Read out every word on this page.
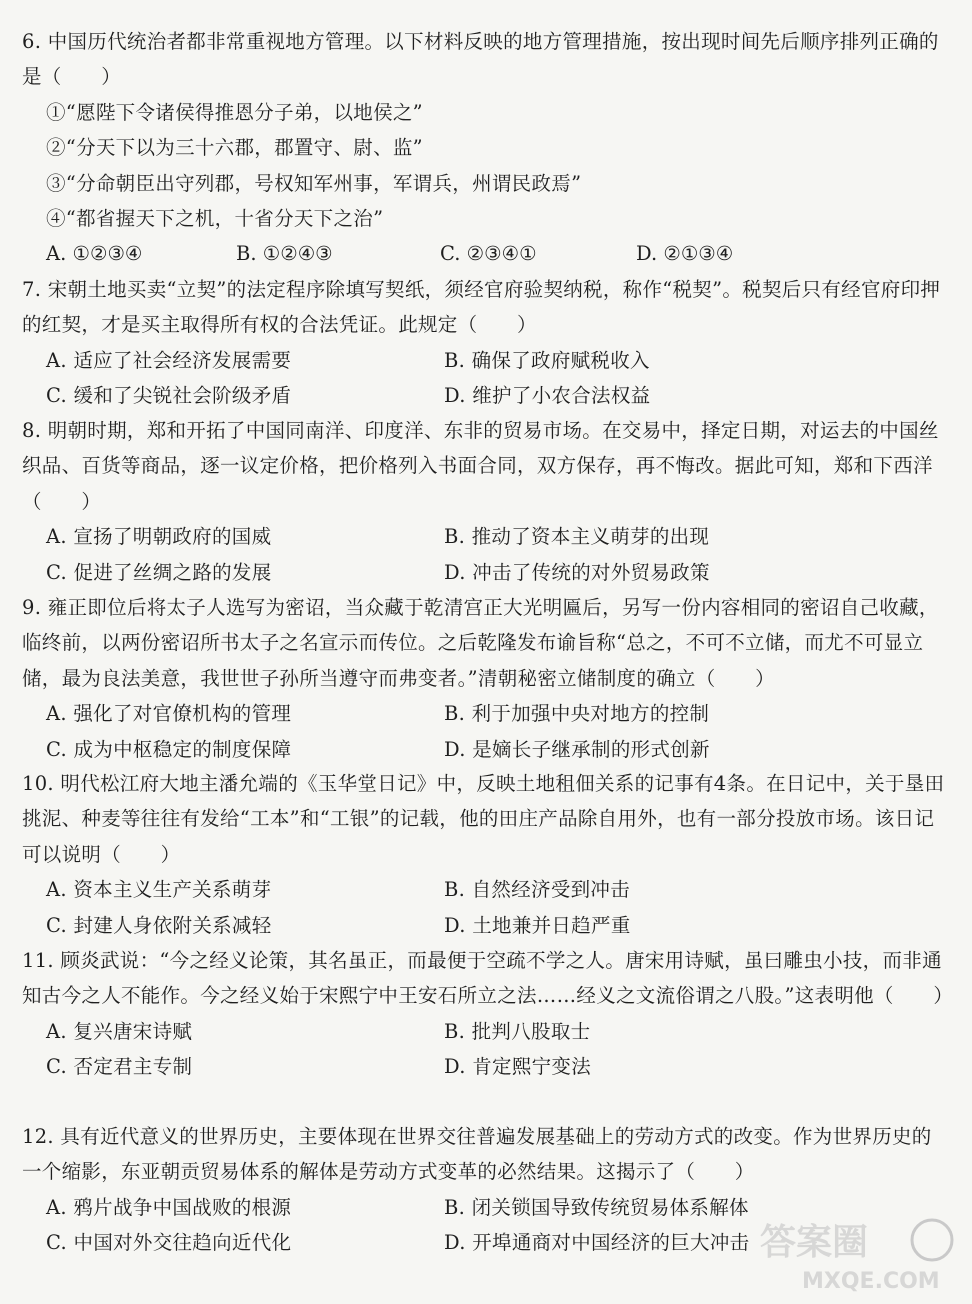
6. 中国历代统治者都非常重视地方管理。以下材料反映的地方管理措施，按出现时间先后顺序排列正确的是（　　）

①“愿陛下令诸侯得推恩分子弟，以地侯之”

②“分天下以为三十六郡，郡置守、尉、监”

③“分命朝臣出守列郡，号权知军州事，军谓兵，州谓民政焉”

④“都省握天下之机，十省分天下之治”

A. ①②③④	B. ①②④③	C. ②③④①	D. ②①③④

7. 宋朝土地买卖“立契”的法定程序除填写契纸，须经官府验契纳税，称作“税契”。税契后只有经官府印押的红契，才是买主取得所有权的合法凭证。此规定（　　）

A. 适应了社会经济发展需要	B. 确保了政府赋税收入
C. 缓和了尖锐社会阶级矛盾	D. 维护了小农合法权益

8. 明朝时期，郑和开拓了中国同南洋、印度洋、东非的贸易市场。在交易中，择定日期，对运去的中国丝织品、百货等商品，逐一议定价格，把价格列入书面合同，双方保存，再不悔改。据此可知，郑和下西洋（　　）

A. 宣扬了明朝政府的国威	B. 推动了资本主义萌芽的出现
C. 促进了丝绸之路的发展	D. 冲击了传统的对外贸易政策

9. 雍正即位后将太子人选写为密诏，当众藏于乾清宫正大光明匾后，另写一份内容相同的密诏自己收藏，临终前，以两份密诏所书太子之名宣示而传位。之后乾隆发布谕旨称“总之，不可不立储，而尤不可显立储，最为良法美意，我世世子孙所当遵守而弗变者。”清朝秘密立储制度的确立（　　）

A. 强化了对官僚机构的管理	B. 利于加强中央对地方的控制
C. 成为中枢稳定的制度保障	D. 是嫡长子继承制的形式创新

10. 明代松江府大地主潘允端的《玉华堂日记》中，反映土地租佃关系的记事有4条。在日记中，关于垦田挑泥、种麦等往往有发给“工本”和“工银”的记载，他的田庄产品除自用外，也有一部分投放市场。该日记可以说明（　　）

A. 资本主义生产关系萌芽	B. 自然经济受到冲击
C. 封建人身依附关系减轻	D. 土地兼并日趋严重

11. 顾炎武说：“今之经义论策，其名虽正，而最便于空疏不学之人。唐宋用诗赋，虽曰雕虫小技，而非通知古今之人不能作。今之经义始于宋熙宁中王安石所立之法……经义之文流俗谓之八股。”这表明他（　　）

A. 复兴唐宋诗赋	B. 批判八股取士
C. 否定君主专制	D. 肯定熙宁变法

12. 具有近代意义的世界历史，主要体现在世界交往普遍发展基础上的劳动方式的改变。作为世界历史的一个缩影，东亚朝贡贸易体系的解体是劳动方式变革的必然结果。这揭示了（　　）

A. 鸦片战争中国战败的根源	B. 闭关锁国导致传统贸易体系解体
C. 中国对外交往趋向近代化	D. 开埠通商对中国经济的巨大冲击 答案圈
MXQE.COM
